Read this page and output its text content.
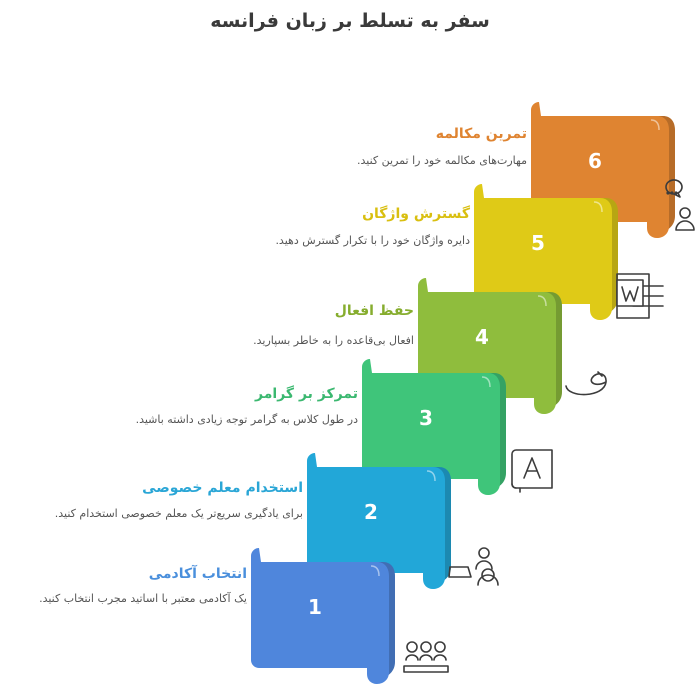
سفر به تسلط بر زبان فرانسه
6
5
4
3
2
1
انتخاب آکادمی
یک آکادمی معتبر با اساتید مجرب انتخاب کنید.
استخدام معلم خصوصی
برای یادگیری سریع‌تر یک معلم خصوصی استخدام کنید.
تمرکز بر گرامر
در طول کلاس به گرامر توجه زیادی داشته باشید.
حفظ افعال
افعال بی‌قاعده را به خاطر بسپارید.
گسترش واژگان
دایره واژگان خود را با تکرار گسترش دهید.
تمرین مکالمه
مهارت‌های مکالمه خود را تمرین کنید.
